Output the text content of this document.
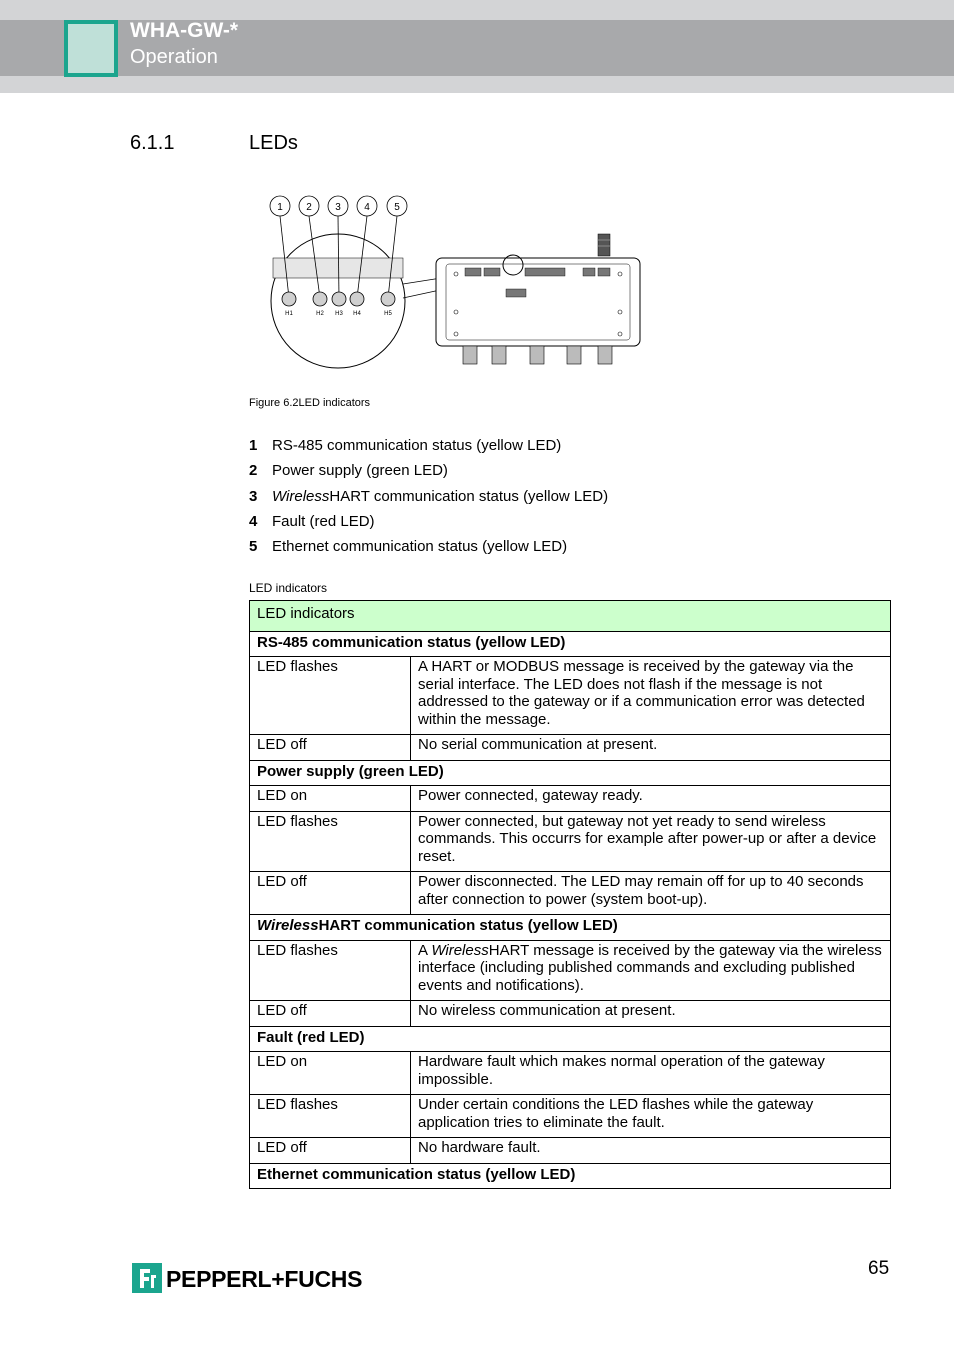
WHA-GW-*
Operation
6.1.1	LEDs
1 2 3 4 5
H1	H2 H3 H4	H5
Figure 6.2LED indicators
1 RS-485 communication status (yellow LED)
2 Power supply (green LED)
3 WirelessHART communication status (yellow LED)
4 Fault (red LED)
5 Ethernet communication status (yellow LED)
LED indicators
LED indicators	
RS-485 communication status (yellow LED)	
LED flashes	A HART or MODBUS message is received by the gateway via the serial interface. The LED does not flash if the message is not addressed to the gateway or if a communication error was detected within the message.
LED off	No serial communication at present.
Power supply (green LED)	
LED on	Power connected, gateway ready.
LED flashes	Power connected, but gateway not yet ready to send wireless commands. This occurrs for example after power-up or after a device reset.
LED off	Power disconnected. The LED may remain off for up to 40 seconds after connection to power (system boot-up).
WirelessHART communication status (yellow LED)	
LED flashes	A WirelessHART message is received by the gateway via the wireless interface (including published commands and excluding published events and notifications).
LED off	No wireless communication at present.
Fault (red LED)	
LED on	Hardware fault which makes normal operation of the gateway impossible.
LED flashes	Under certain conditions the LED flashes while the gateway application tries to eliminate the fault.
LED off	No hardware fault.
Ethernet communication status (yellow LED)	
PEPPERL+FUCHS	65
